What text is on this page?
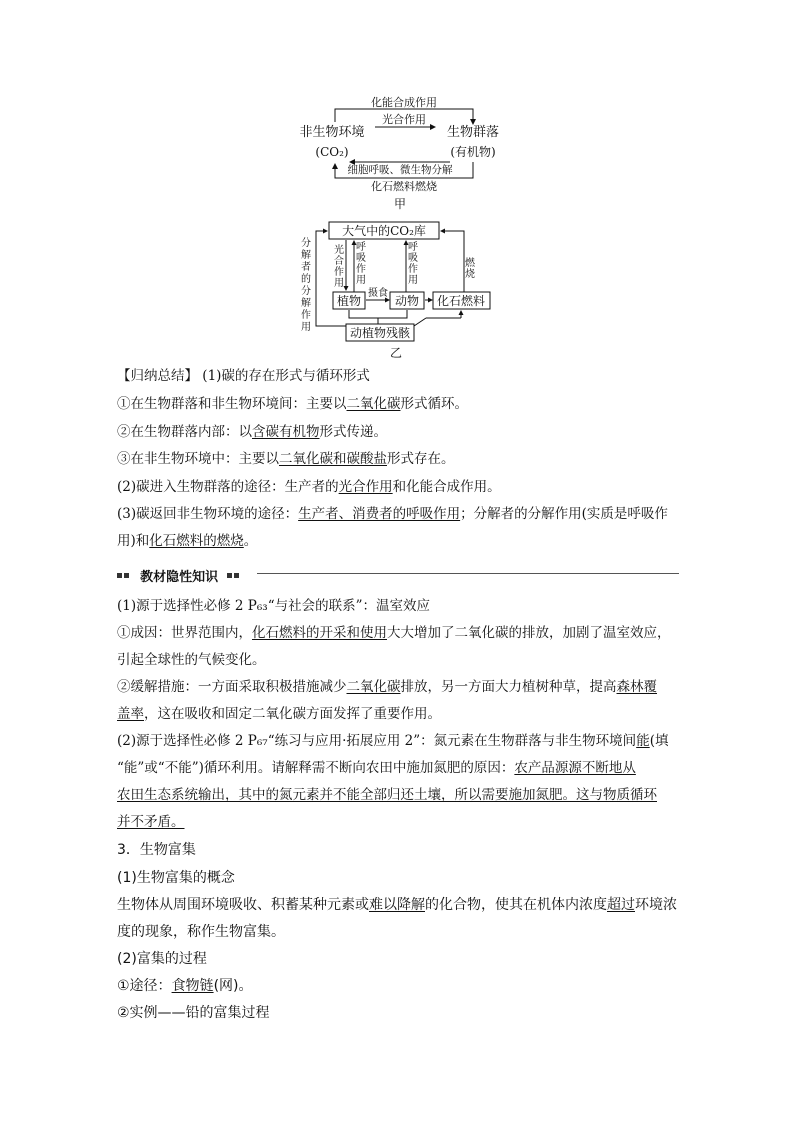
化能合成作用
光合作用
非生物环境
(CO₂)
生物群落
(有机物)
细胞呼吸、微生物分解
化石燃料燃烧
甲
大气中的CO₂库
分
解
者
的
分
解
作
用
光
合
作
用
呼
吸
作
用
呼
吸
作
用
燃
烧
植物
摄食
动物 化石燃料
动植物残骸
乙
【归纳总结】 (1)碳的存在形式与循环形式
①在生物群落和非生物环境间：主要以二氧化碳形式循环。
②在生物群落内部：以含碳有机物形式传递。
③在非生物环境中：主要以二氧化碳和碳酸盐形式存在。
(2)碳进入生物群落的途径：生产者的光合作用和化能合成作用。
(3)碳返回非生物环境的途径：生产者、消费者的呼吸作用；分解者的分解作用(实质是呼吸作
用)和化石燃料的燃烧。
教材隐性知识
(1)源于选择性必修 2 P₆₃“与社会的联系”：温室效应
①成因：世界范围内，化石燃料的开采和使用大大增加了二氧化碳的排放，加剧了温室效应，
引起全球性的气候变化。
②缓解措施：一方面采取积极措施减少二氧化碳排放，另一方面大力植树种草，提高森林覆
盖率，这在吸收和固定二氧化碳方面发挥了重要作用。
(2)源于选择性必修 2 P₆₇“练习与应用·拓展应用 2”：氮元素在生物群落与非生物环境间能(填
“能”或“不能”)循环利用。请解释需不断向农田中施加氮肥的原因：农产品源源不断地从
农田生态系统输出，其中的氮元素并不能全部归还土壤，所以需要施加氮肥。这与物质循环
并不矛盾。
3．生物富集
(1)生物富集的概念
生物体从周围环境吸收、积蓄某种元素或难以降解的化合物，使其在机体内浓度超过环境浓
度的现象，称作生物富集。
(2)富集的过程
①途径：食物链(网)。
②实例——铅的富集过程
